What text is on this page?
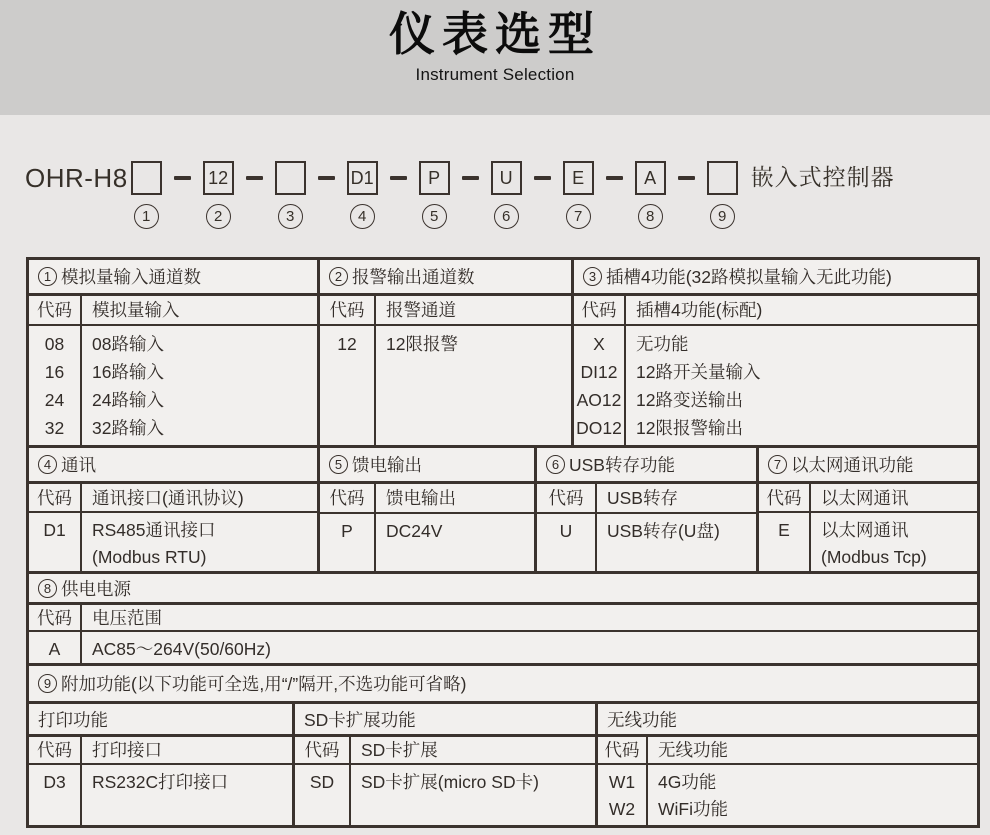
仪表选型
Instrument Selection
OHR-H8
1
12
2	3
D1
4
P
5
U
6
E
7
A
8	9
嵌入式控制器
1 模拟量输入通道数
代码
08
16
24
32
模拟量输入
08路输入
16路输入
24路输入
32路输入
2 报警输出通道数
代码
12
报警通道
12限报警
3 插槽4功能(32路模拟量输入无此功能)
代码
X
DI12
AO12
DO12
插槽4功能(标配)
无功能
12路开关量输入
12路变送输出
12限报警输出
4 通讯
代码
D1
通讯接口(通讯协议)
RS485通讯接口
(Modbus RTU)
5 馈电输出
代码
P
馈电输出
DC24V
6 USB转存功能
代码
U
USB转存
USB转存(U盘)
7 以太网通讯功能
代码
E
以太网通讯
以太网通讯
(Modbus Tcp)
8 供电电源
代码
A
电压范围
AC85～264V(50/60Hz)
9 附加功能(以下功能可全选,用“/”隔开,不选功能可省略)
打印功能
代码
D3
打印接口
RS232C打印接口
SD卡扩展功能
代码
SD
SD卡扩展
SD卡扩展(micro SD卡)
无线功能
代码
W1
W2
无线功能
4G功能
WiFi功能
